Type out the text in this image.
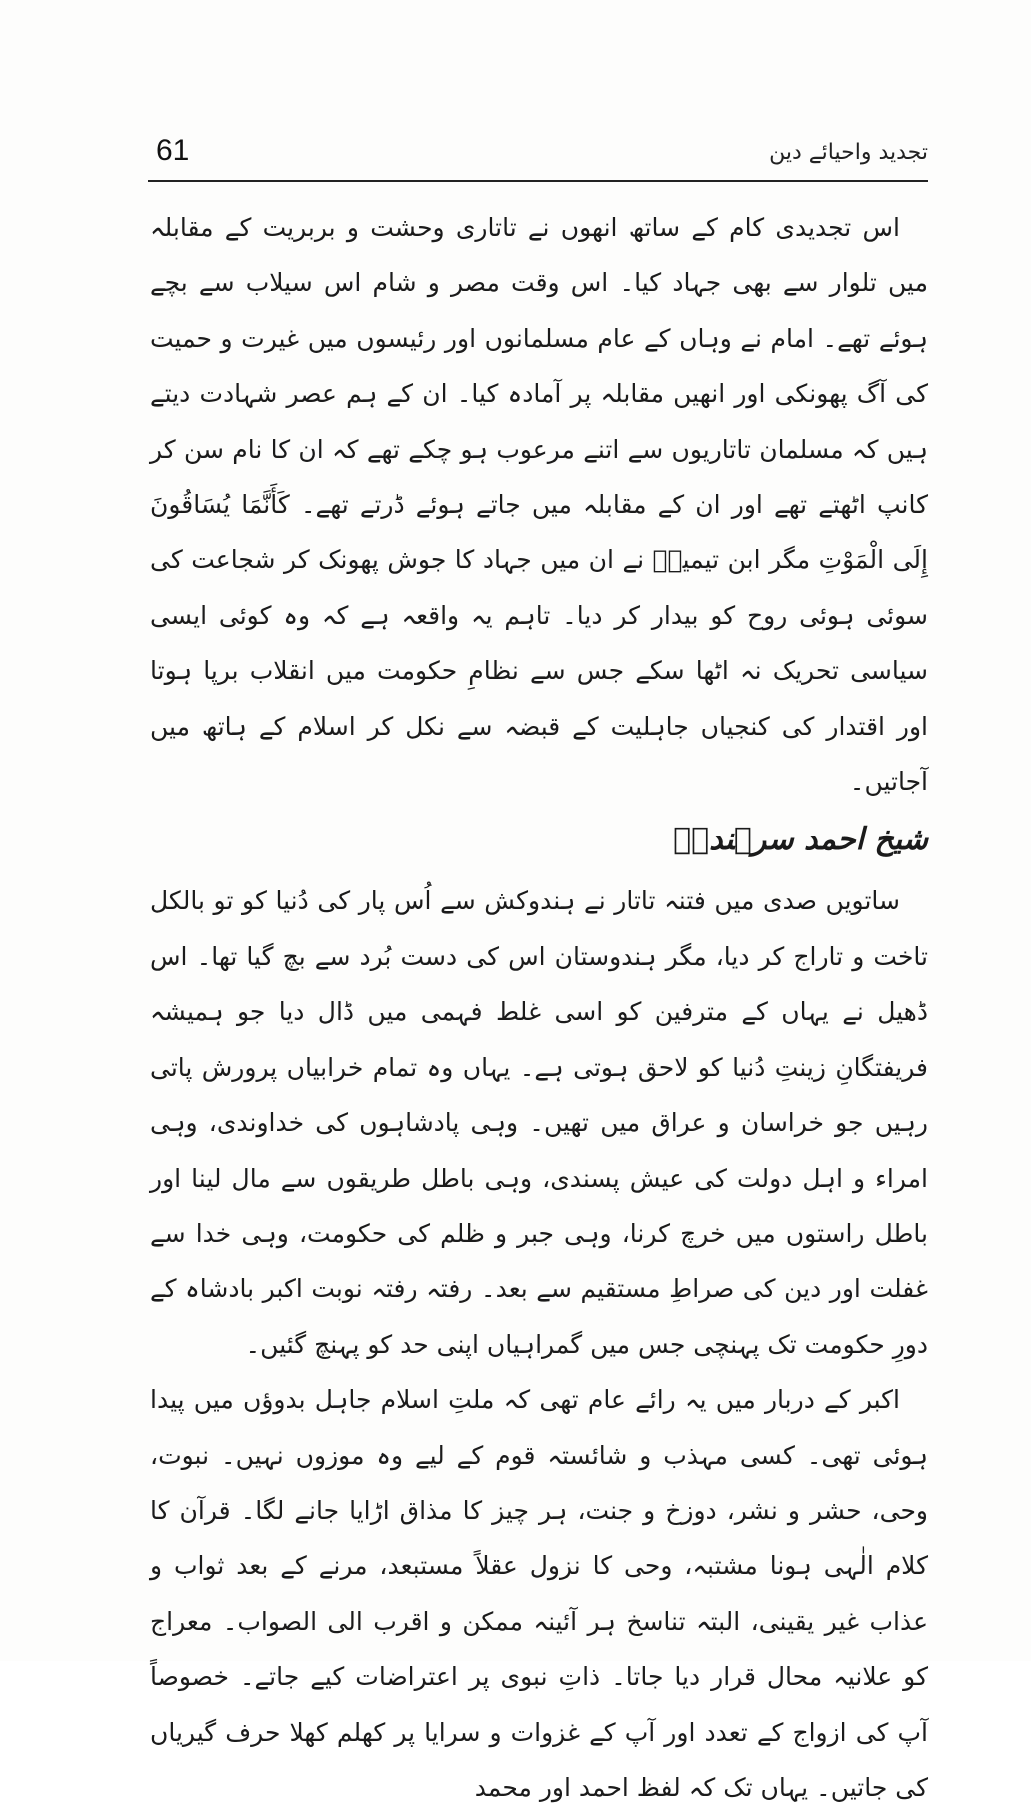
61	تجدید واحیائے دین

اس تجدیدی کام کے ساتھ انھوں نے تاتاری وحشت و بربریت کے مقابلہ میں تلوار سے بھی جہاد کیا۔ اس وقت مصر و شام اس سیلاب سے بچے ہوئے تھے۔ امام نے وہاں کے عام مسلمانوں اور رئیسوں میں غیرت و حمیت کی آگ پھونکی اور انھیں مقابلہ پر آمادہ کیا۔ ان کے ہم عصر شہادت دیتے ہیں کہ مسلمان تاتاریوں سے اتنے مرعوب ہو چکے تھے کہ ان کا نام سن کر کانپ اٹھتے تھے اور ان کے مقابلہ میں جاتے ہوئے ڈرتے تھے۔ كَأَنَّمَا يُسَاقُونَ إِلَى الْمَوْتِ مگر ابن تیمیہؒ نے ان میں جہاد کا جوش پھونک کر شجاعت کی سوئی ہوئی روح کو بیدار کر دیا۔ تاہم یہ واقعہ ہے کہ وہ کوئی ایسی سیاسی تحریک نہ اٹھا سکے جس سے نظامِ حکومت میں انقلاب برپا ہوتا اور اقتدار کی کنجیاں جاہلیت کے قبضہ سے نکل کر اسلام کے ہاتھ میں آجاتیں۔

شیخ احمد سرہندیؒ

ساتویں صدی میں فتنہ تاتار نے ہندوکش سے اُس پار کی دُنیا کو تو بالکل تاخت و تاراج کر دیا، مگر ہندوستان اس کی دست بُرد سے بچ گیا تھا۔ اس ڈھیل نے یہاں کے مترفین کو اسی غلط فہمی میں ڈال دیا جو ہمیشہ فریفتگانِ زینتِ دُنیا کو لاحق ہوتی ہے۔ یہاں وہ تمام خرابیاں پرورش پاتی رہیں جو خراسان و عراق میں تھیں۔ وہی پادشاہوں کی خداوندی، وہی امراء و اہل دولت کی عیش پسندی، وہی باطل طریقوں سے مال لینا اور باطل راستوں میں خرچ کرنا، وہی جبر و ظلم کی حکومت، وہی خدا سے غفلت اور دین کی صراطِ مستقیم سے بعد۔ رفتہ رفتہ نوبت اکبر بادشاہ کے دورِ حکومت تک پہنچی جس میں گمراہیاں اپنی حد کو پہنچ گئیں۔

اکبر کے دربار میں یہ رائے عام تھی کہ ملتِ اسلام جاہل بدوؤں میں پیدا ہوئی تھی۔ کسی مہذب و شائستہ قوم کے لیے وہ موزوں نہیں۔ نبوت، وحی، حشر و نشر، دوزخ و جنت، ہر چیز کا مذاق اڑایا جانے لگا۔ قرآن کا کلام الٰہی ہونا مشتبہ، وحی کا نزول عقلاً مستبعد، مرنے کے بعد ثواب و عذاب غیر یقینی، البتہ تناسخ ہر آئینہ ممکن و اقرب الی الصواب۔ معراج کو علانیہ محال قرار دیا جاتا۔ ذاتِ نبوی پر اعتراضات کیے جاتے۔ خصوصاً آپ کی ازواج کے تعدد اور آپ کے غزوات و سرایا پر کھلم کھلا حرف گیریاں کی جاتیں۔ یہاں تک کہ لفظ احمد اور محمد
